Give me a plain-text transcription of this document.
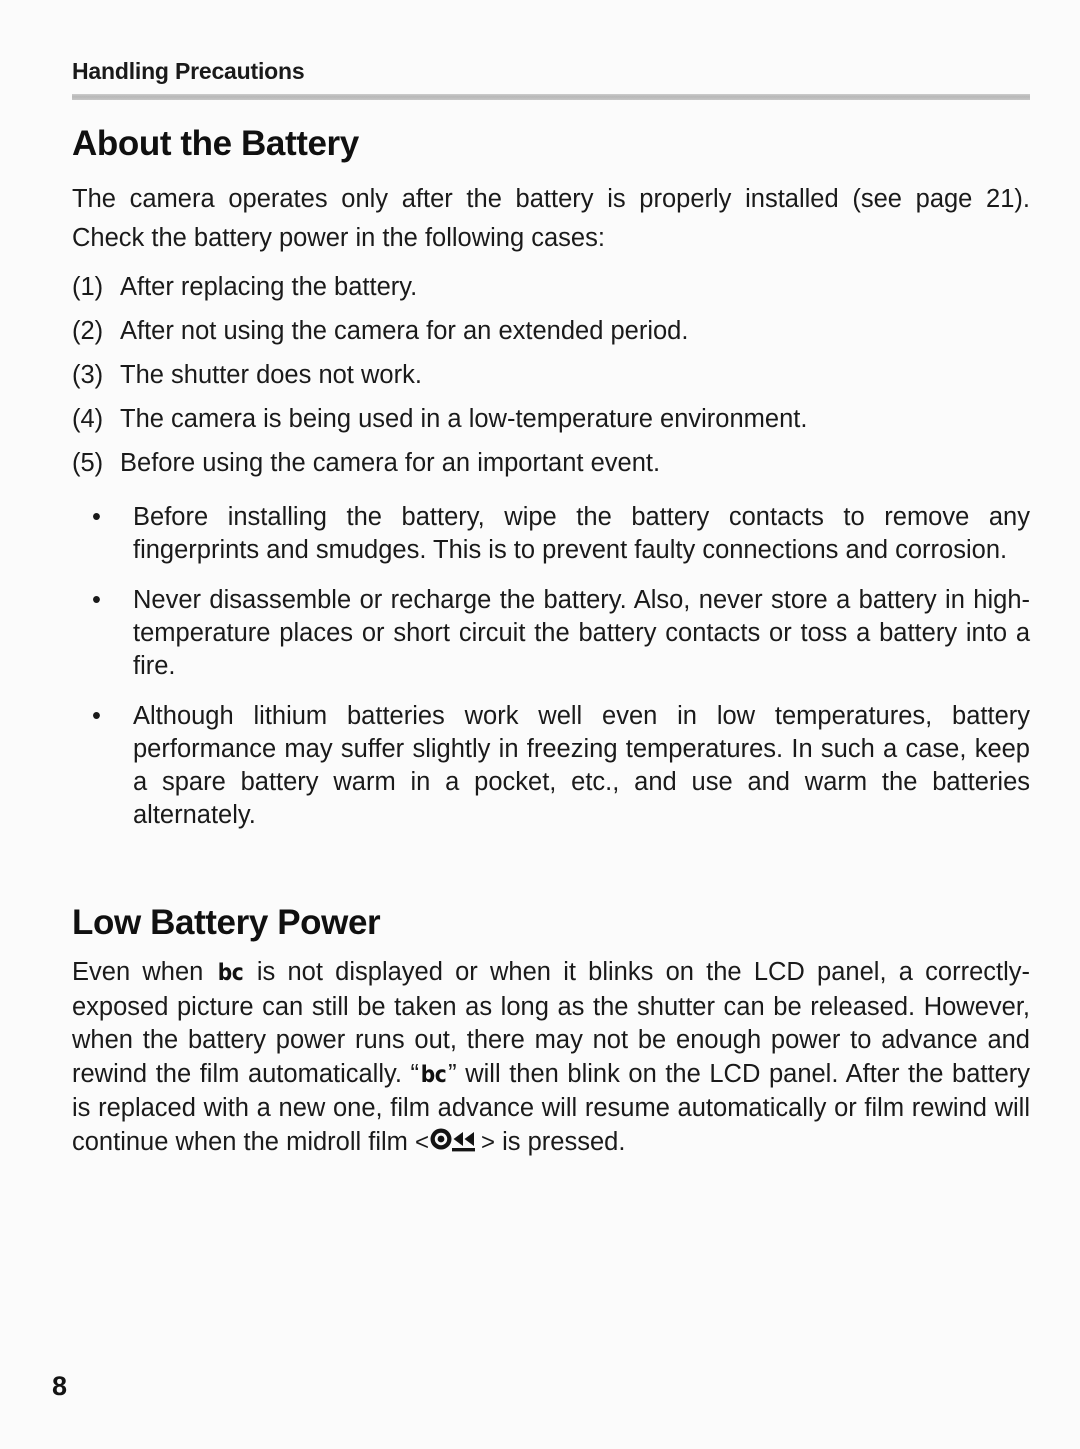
Handling Precautions
About the Battery

The camera operates only after the battery is properly installed (see page 21). Check the battery power in the following cases:

(1) After replacing the battery.
(2) After not using the camera for an extended period.
(3) The shutter does not work.
(4) The camera is being used in a low-temperature environment.
(5) Before using the camera for an important event.
•	Before installing the battery, wipe the battery contacts to remove any fingerprints and smudges. This is to prevent faulty connections and corrosion.
•	Never disassemble or recharge the battery. Also, never store a battery in high-temperature places or short circuit the battery contacts or toss a battery into a fire.
•	Although lithium batteries work well even in low temperatures, battery performance may suffer slightly in freezing temperatures. In such a case, keep a spare battery warm in a pocket, etc., and use and warm the batteries alternately.
Low Battery Power

Even when bc is not displayed or when it blinks on the LCD panel, a correctly-exposed picture can still be taken as long as the shutter can be released. However, when the battery power runs out, there may not be enough power to advance and rewind the film automatically. “bc” will then blink on the LCD panel. After the battery is replaced with a new one, film advance will resume automatically or film rewind will continue when the midroll film < > is pressed.

8
